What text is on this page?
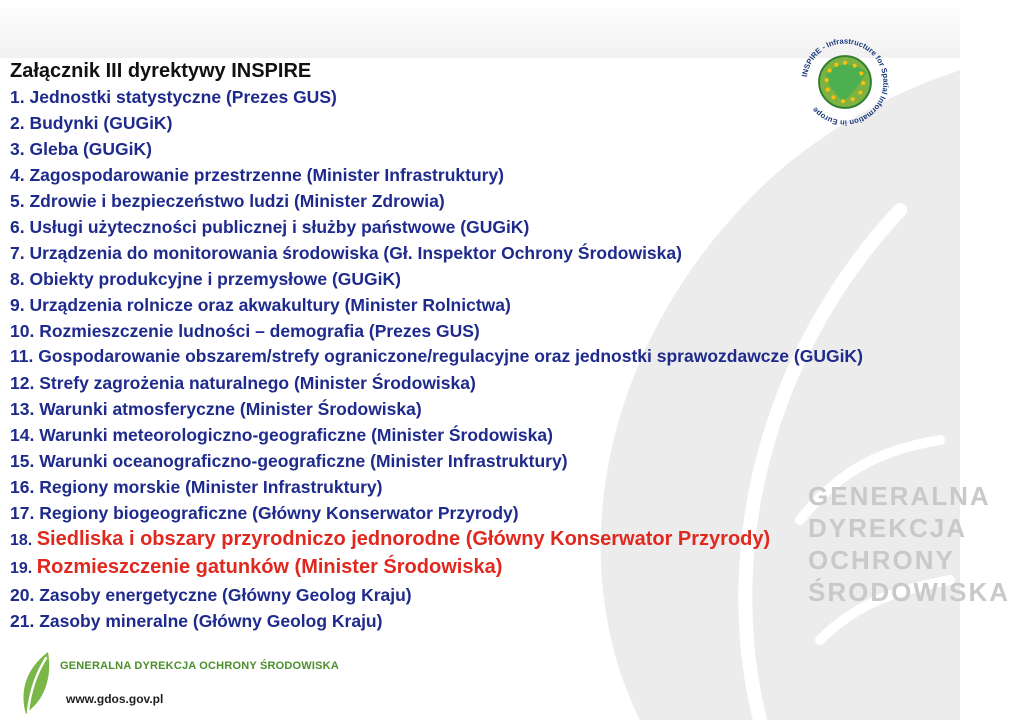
GENERALNA
DYREKCJA
OCHRONY
ŚRODOWISKA
INSPIRE - Infrastructure for Spatial Information in Europe
Załącznik III dyrektywy INSPIRE
1. Jednostki statystyczne (Prezes GUS)
2. Budynki (GUGiK)
3. Gleba (GUGiK)
4. Zagospodarowanie przestrzenne (Minister Infrastruktury)
5. Zdrowie i bezpieczeństwo ludzi (Minister Zdrowia)
6. Usługi użyteczności publicznej i służby państwowe (GUGiK)
7. Urządzenia do monitorowania środowiska (Gł. Inspektor Ochrony Środowiska)
8. Obiekty produkcyjne i przemysłowe (GUGiK)
9. Urządzenia rolnicze oraz akwakultury (Minister Rolnictwa)
10. Rozmieszczenie ludności – demografia (Prezes GUS)
11. Gospodarowanie obszarem/strefy ograniczone/regulacyjne oraz jednostki sprawozdawcze (GUGiK)
12. Strefy zagrożenia naturalnego (Minister Środowiska)
13. Warunki atmosferyczne (Minister Środowiska)
14. Warunki meteorologiczno-geograficzne (Minister Środowiska)
15. Warunki oceanograficzno-geograficzne (Minister Infrastruktury)
16. Regiony morskie (Minister Infrastruktury)
17. Regiony biogeograficzne (Główny Konserwator Przyrody)
18. Siedliska i obszary przyrodniczo jednorodne (Główny Konserwator Przyrody)
19. Rozmieszczenie gatunków (Minister Środowiska)
20. Zasoby energetyczne (Główny Geolog Kraju)
21. Zasoby mineralne (Główny Geolog Kraju)
GENERALNA DYREKCJA OCHRONY ŚRODOWISKA
www.gdos.gov.pl
